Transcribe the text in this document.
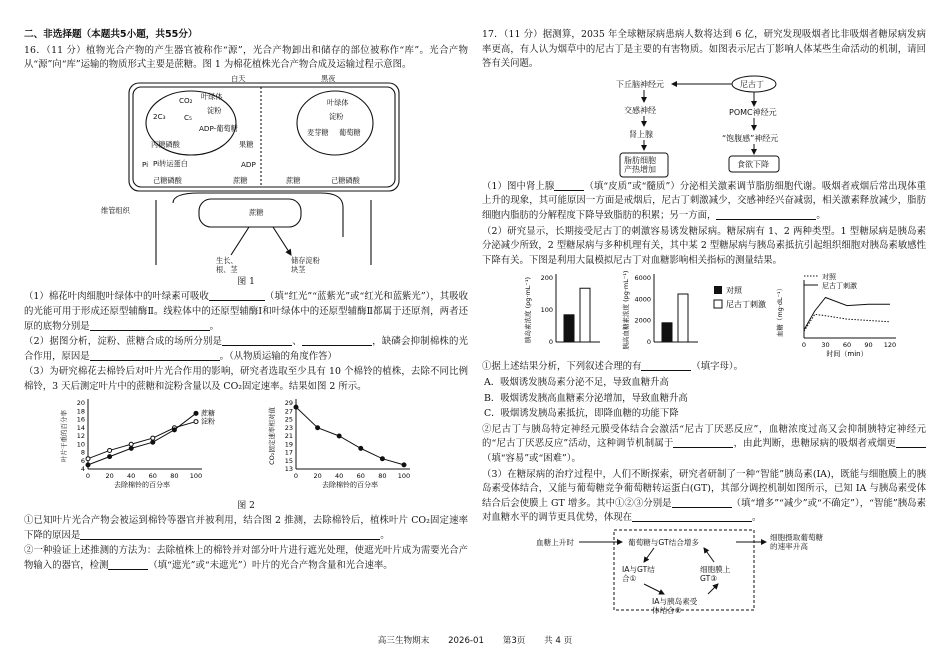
二、非选择题（本题共5小题，共55分）

16．（11 分）植物光合产物的产生器官被称作“源”，光合产物卸出和储存的部位被称作“库”。光合产物从“源”向“库”运输的物质形式主要是蔗糖。图 1 为棉花植株光合产物合成及运输过程示意图。

白天	黑夜
叶绿体
CO₂
2C₃	C₅
淀粉
ADP-葡萄糖
丙糖磷酸
Pi Pi转运蛋白
果糖
ADP
己糖磷酸	蔗糖
叶绿体
淀粉
麦芽糖 葡萄糖
己糖磷酸
蔗糖
维管组织	蔗糖
生长、根、茎
储存淀粉块茎

图 1

（1）棉花叶肉细胞叶绿体中的叶绿素可吸收	（填“红光”“蓝紫光”或“红光和蓝紫光”），其吸收的光能可用于形成还原型辅酶Ⅱ。线粒体中的还原型辅酶Ⅰ和叶绿体中的还原型辅酶Ⅱ都属于还原剂，两者还原的底物分别是	。

（2）据图分析，淀粉、蔗糖合成的场所分别是	、	，缺磷会抑制棉株的光合作用，原因是	。（从物质运输的角度作答）

（3）为研究棉花去棉铃后对叶片光合作用的影响，研究者选取至少具有 10 个棉铃的植株，去除不同比例棉铃，3 天后测定叶片中的蔗糖和淀粉含量以及 CO₂固定速率。结果如图 2 所示。

0 20 40 60 80 100
4
6
8
10
12
14
16
18
20
去除棉铃的百分率
叶片干重的百分率	淀粉
蔗糖
0 20 40 60 80 100
13
15
17
19
21
23
25
27
29
去除棉铃的百分率
CO₂固定速率相对值

图 2

①已知叶片光合产物会被运到棉铃等器官并被利用，结合图 2 推测，去除棉铃后，植株叶片 CO₂固定速率下降的原因是	。

②一种验证上述推测的方法为：去除植株上的棉铃并对部分叶片进行遮光处理，使遮光叶片成为需要光合产物输入的器官，检测	（填“遮光”或“未遮光”）叶片的光合产物含量和光合速率。

17．（11 分）据测算，2035 年全球糖尿病患病人数将达到 6 亿，研究发现吸烟者比非吸烟者糖尿病发病率更高，有人认为烟草中的尼古丁是主要的有害物质。如图表示尼古丁影响人体某些生命活动的机制，请回答有关问题。

下丘脑神经元	尼古丁
交感神经	POMC神经元
肾上腺	“饱腹感”神经元
脂肪细胞产热增加
食欲下降

（1）图中肾上腺	（填“皮质”或“髓质”）分泌相关激素调节脂肪细胞代谢。吸烟者戒烟后常出现体重上升的现象，其可能原因一方面是戒烟后，尼古丁刺激减少，交感神经兴奋减弱，相关激素释放减少，脂肪细胞内脂肪的分解程度下降导致脂肪的积累；另一方面，	。

（2）研究显示，长期接受尼古丁的刺激容易诱发糖尿病。糖尿病有 1、2 两种类型。1 型糖尿病是胰岛素分泌减少所致，2 型糖尿病与多种机理有关，其中某 2 型糖尿病与胰岛素抵抗引起组织细胞对胰岛素敏感性下降有关。下图是利用大鼠模拟尼古丁对血糖影响相关指标的测量结果。

0
100
200
胰岛素浓度 (pg·mL⁻¹)	0
2000
4000
6000
胰高血糖素浓度 (pg·mL⁻¹)	对照
尼古丁刺激
0 30 60 90 120
时间（min）
血糖（mg·dL⁻¹）
对照
尼古丁刺激

①据上述结果分析，下列叙述合理的有	（填字母）。

A．吸烟诱发胰岛素分泌不足，导致血糖升高

B．吸烟诱发胰高血糖素分泌增加，导致血糖升高

C．吸烟诱发胰岛素抵抗，即降血糖的功能下降

②尼古丁与胰岛特定神经元膜受体结合会激活“尼古丁厌恶反应”，血糖浓度过高又会抑制胰特定神经元的“尼古丁厌恶反应”活动，这种调节机制属于	，由此判断，患糖尿病的吸烟者戒烟更（填“容易”或“困难”）。

（3）在糖尿病的治疗过程中，人们不断探索，研究者研制了一种“智能”胰岛素(IA)，既能与细胞膜上的胰岛素受体结合，又能与葡萄糖竞争葡萄糖转运蛋白(GT)，其部分调控机制如图所示，已知 IA 与胰岛素受体结合后会使膜上 GT 增多。其中①②③分别是	（填“增多”“减少”或“不确定”），“智能”胰岛素对血糖水平的调节更具优势，体现在	。

血糖上升时	葡萄糖与GT结合增多
IA与GT结合①
细胞膜上 GT③
IA与胰岛素受体结合②
细胞摄取葡萄糖的速率升高
高三生物期末 2026-01 第3页 共 4 页
